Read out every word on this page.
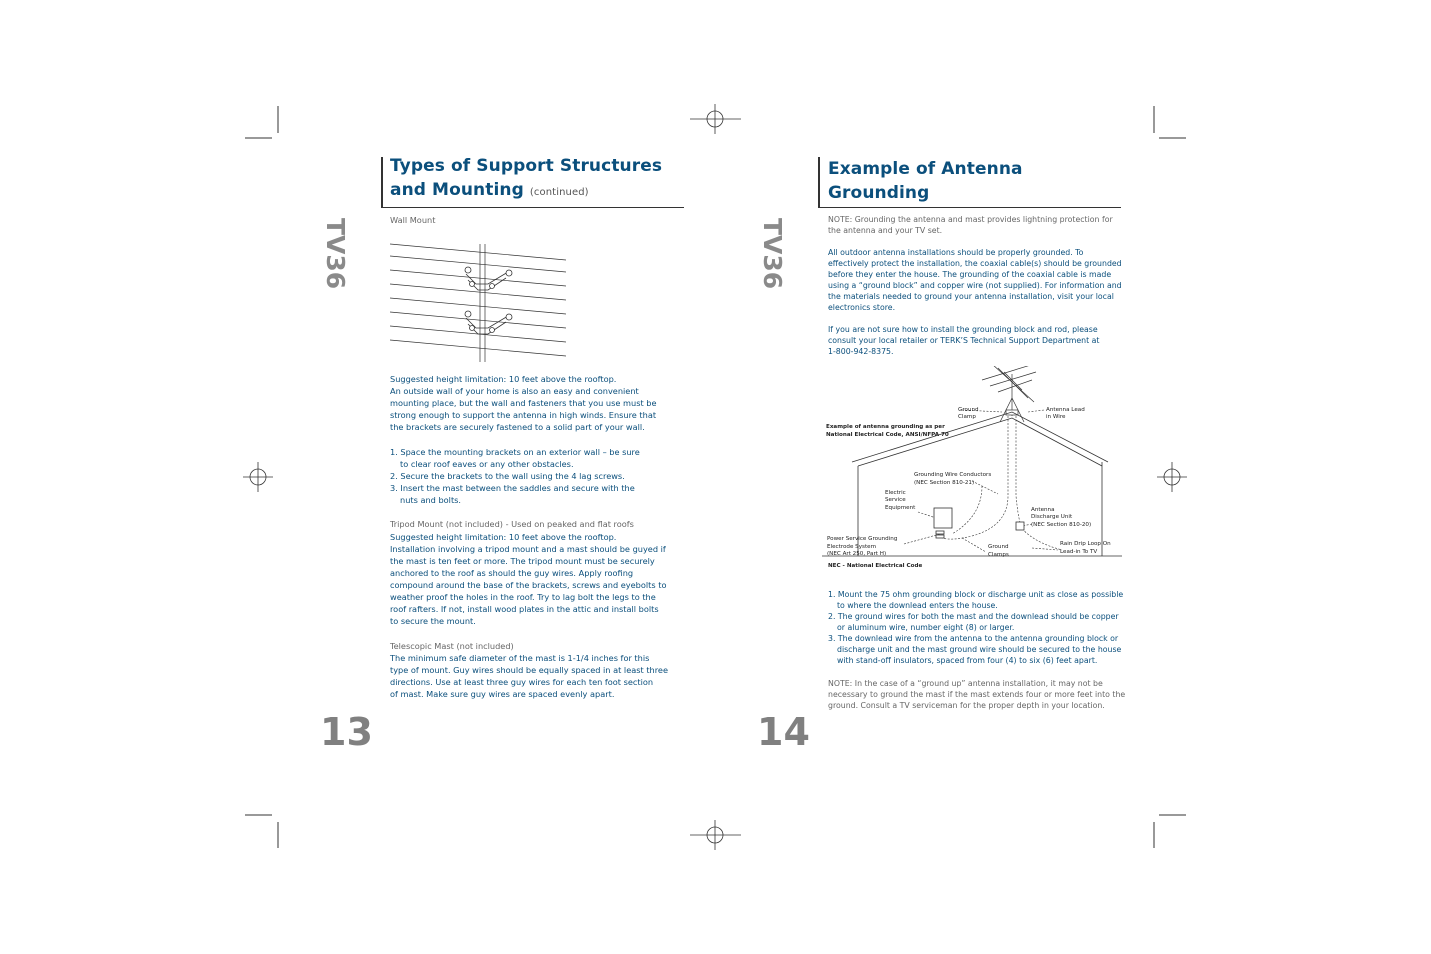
Types of Support Structures
and Mounting (continued)
TV36
13
Wall Mount

Suggested height limitation: 10 feet above the rooftop.

An outside wall of your home is also an easy and convenient

mounting place, but the wall and fasteners that you use must be

strong enough to support the antenna in high winds. Ensure that

the brackets are securely fastened to a solid part of your wall.

1. Space the mounting brackets on an exterior wall – be sure

to clear roof eaves or any other obstacles.

2. Secure the brackets to the wall using the 4 lag screws.

3. Insert the mast between the saddles and secure with the

nuts and bolts.

Tripod Mount (not included) - Used on peaked and flat roofs

Suggested height limitation: 10 feet above the rooftop.

Installation involving a tripod mount and a mast should be guyed if

the mast is ten feet or more. The tripod mount must be securely

anchored to the roof as should the guy wires. Apply roofing

compound around the base of the brackets, screws and eyebolts to

weather proof the holes in the roof. Try to lag bolt the legs to the

roof rafters. If not, install wood plates in the attic and install bolts

to secure the mount.

Telescopic Mast (not included)

The minimum safe diameter of the mast is 1-1/4 inches for this

type of mount. Guy wires should be equally spaced in at least three

directions. Use at least three guy wires for each ten foot section

of mast. Make sure guy wires are spaced evenly apart.

Example of Antenna
Grounding
TV36
14

NOTE: Grounding the antenna and mast provides lightning protection for

the antenna and your TV set.

All outdoor antenna installations should be properly grounded. To

effectively protect the installation, the coaxial cable(s) should be grounded

before they enter the house. The grounding of the coaxial cable is made

using a “ground block” and copper wire (not supplied). For information and

the materials needed to ground your antenna installation, visit your local

electronics store.

If you are not sure how to install the grounding block and rod, please

consult your local retailer or TERK’S Technical Support Department at

1-800-942-8375.

Ground
Clamp
Antenna Lead
in Wire
Example of antenna grounding as per
National Electrical Code, ANSI/NFPA 70
Grounding Wire Conductors
(NEC Section 810-21)
Electric
Service
Equipment	Antenna
Discharge Unit
(NEC Section 810-20)
Power Service Grounding
Electrode System
(NEC Art 250, Part H)
Ground
Clamps
Rain Drip Loop On
Lead-in To TV
NEC - National Electrical Code

1. Mount the 75 ohm grounding block or discharge unit as close as possible

to where the downlead enters the house.

2. The ground wires for both the mast and the downlead should be copper

or aluminum wire, number eight (8) or larger.

3. The downlead wire from the antenna to the antenna grounding block or

discharge unit and the mast ground wire should be secured to the house

with stand-off insulators, spaced from four (4) to six (6) feet apart.

NOTE: In the case of a “ground up” antenna installation, it may not be

necessary to ground the mast if the mast extends four or more feet into the

ground. Consult a TV serviceman for the proper depth in your location.
